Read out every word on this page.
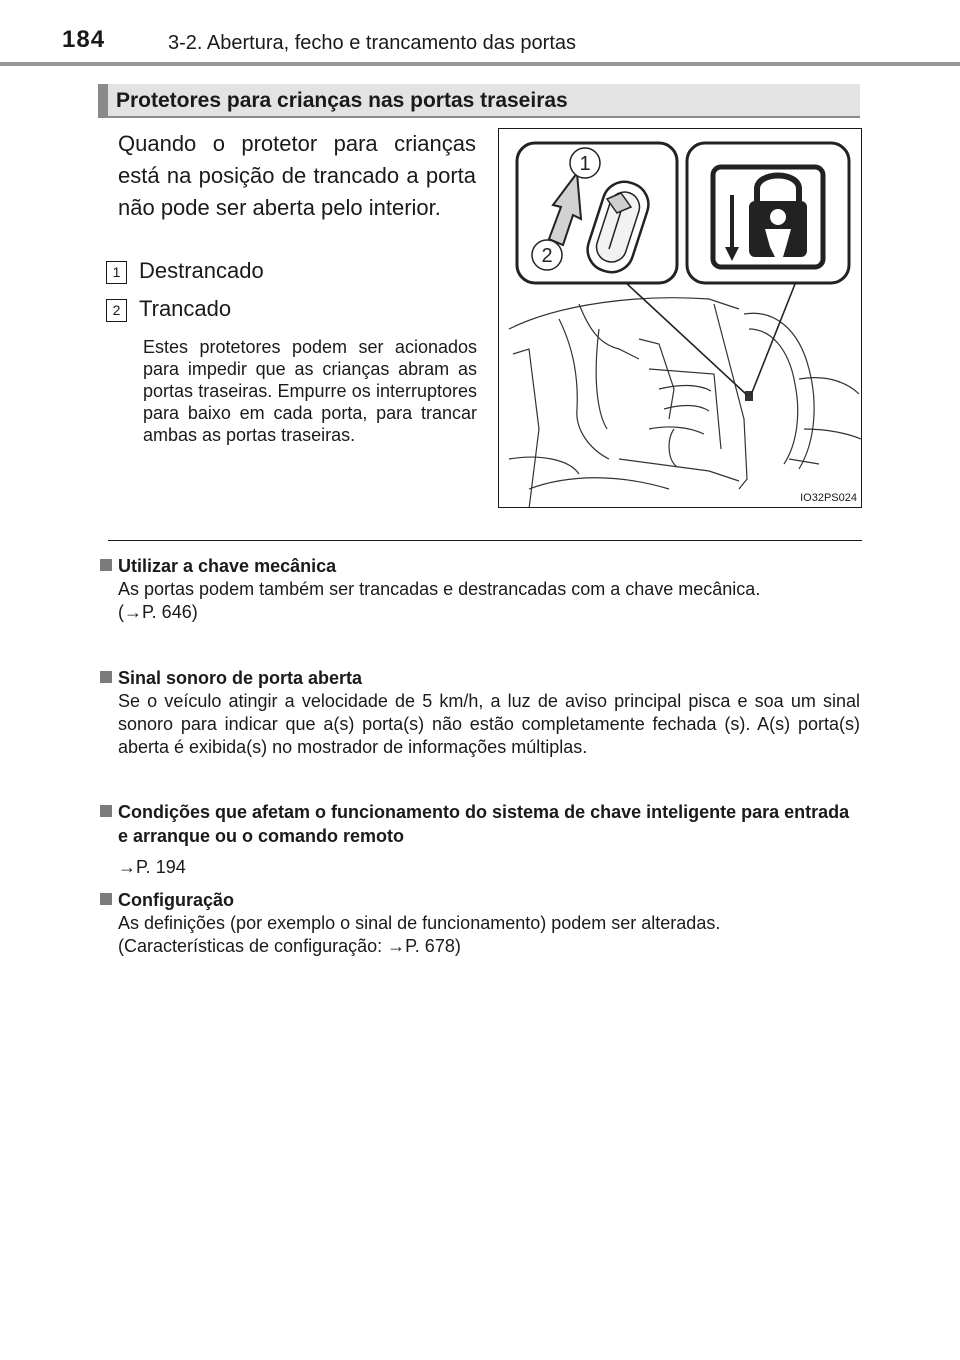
184	3-2. Abertura, fecho e trancamento das portas
Protetores para crianças nas portas traseiras
Quando o protetor para crianças está na posição de trancado a porta não pode ser aberta pelo interior.
1 Destrancado
2 Trancado
Estes protetores podem ser acionados para impedir que as crianças abram as portas traseiras. Empurre os interruptores para baixo em cada porta, para trancar ambas as portas traseiras.
1
2
IO32PS024
Utilizar a chave mecânica

As portas podem também ser trancadas e destrancadas com a chave mecânica.

(→P. 646)

Sinal sonoro de porta aberta

Se o veículo atingir a velocidade de 5 km/h, a luz de aviso principal pisca e soa um sinal sonoro para indicar que a(s) porta(s) não estão completamente fechada (s). A(s) porta(s) aberta é exibida(s) no mostrador de informações múltiplas.

Condições que afetam o funcionamento do sistema de chave inteligente para entrada e arranque ou o comando remoto

→P. 194

Configuração

As definições (por exemplo o sinal de funcionamento) podem ser alteradas.

(Características de configuração: →P. 678)
